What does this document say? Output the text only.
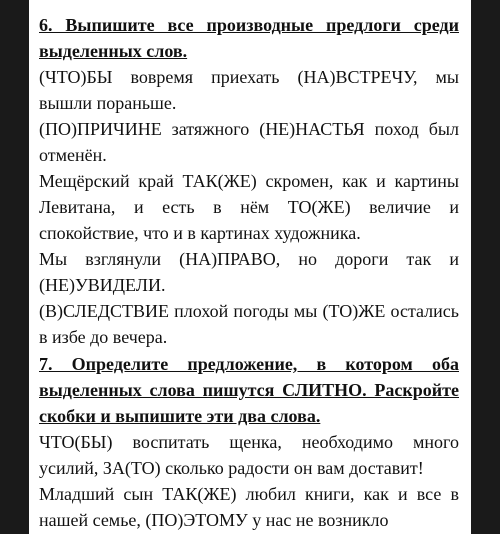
6. Выпишите все производные предлоги среди выделенных слов.
(ЧТО)БЫ вовремя приехать (НА)ВСТРЕЧУ, мы вышли пораньше.
(ПО)ПРИЧИНЕ затяжного (НЕ)НАСТЬЯ поход был отменён.
Мещёрский край ТАК(ЖЕ) скромен, как и картины Левитана, и есть в нём ТО(ЖЕ) величие и спокойствие, что и в картинах художника.
Мы взглянули (НА)ПРАВО, но дороги так и (НЕ)УВИДЕЛИ.
(В)СЛЕДСТВИЕ плохой погоды мы (ТО)ЖЕ остались в избе до вечера.
7. Определите предложение, в котором оба выделенных слова пишутся СЛИТНО. Раскройте скобки и выпишите эти два слова.
ЧТО(БЫ) воспитать щенка, необходимо много усилий, ЗА(ТО) сколько радости он вам доставит!
Младший сын ТАК(ЖЕ) любил книги, как и все в нашей семье, (ПО)ЭТОМУ у нас не возникло
